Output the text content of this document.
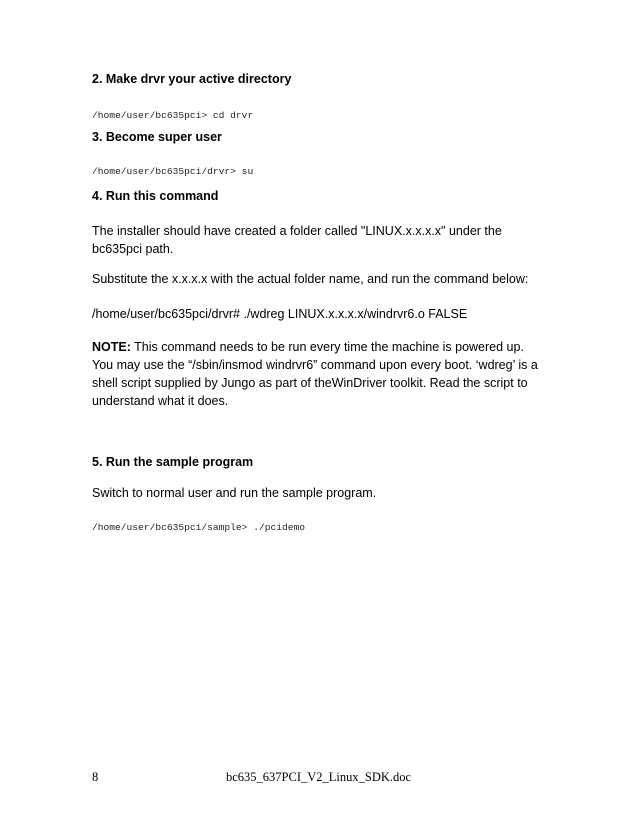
2. Make drvr your active directory
/home/user/bc635pci> cd drvr
3. Become super user
/home/user/bc635pci/drvr> su
4. Run this command
The installer should have created a folder called "LINUX.x.x.x.x" under the
bc635pci path.
Substitute the x.x.x.x with the actual folder name, and run the command below:
/home/user/bc635pci/drvr# ./wdreg LINUX.x.x.x.x/windrvr6.o FALSE
NOTE: This command needs to be run every time the machine is powered up.
You may use the “/sbin/insmod windrvr6” command upon every boot. ‘wdreg’ is a
shell script supplied by Jungo as part of theWinDriver toolkit. Read the script to
understand what it does.
5. Run the sample program
Switch to normal user and run the sample program.
/home/user/bc635pci/sample> ./pcidemo
8	bc635_637PCI_V2_Linux_SDK.doc
